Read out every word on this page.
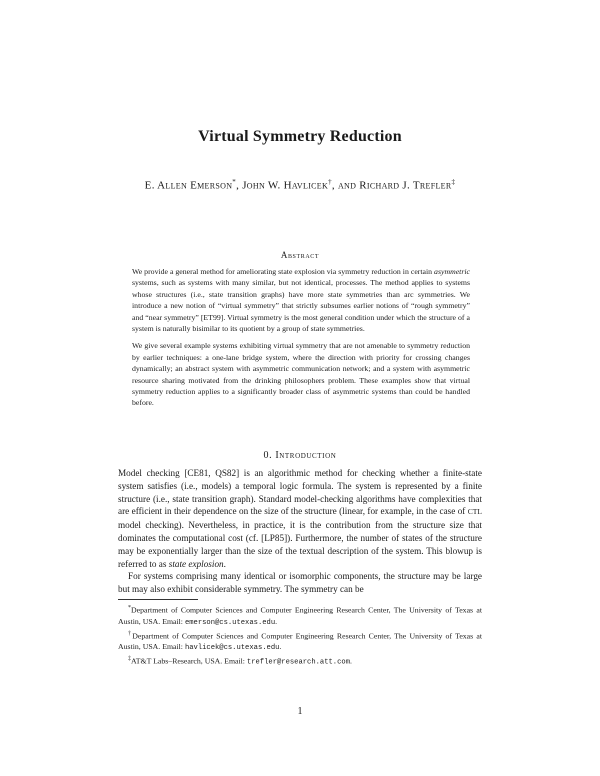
Virtual Symmetry Reduction
E. Allen Emerson*, John W. Havlicek†, and Richard J. Trefler‡
Abstract

We provide a general method for ameliorating state explosion via symmetry reduction in certain asymmetric systems, such as systems with many similar, but not identical, processes. The method applies to systems whose structures (i.e., state transition graphs) have more state symmetries than arc symmetries. We introduce a new notion of “virtual symmetry” that strictly subsumes earlier notions of “rough symmetry” and “near symmetry” [ET99]. Virtual symmetry is the most general condition under which the structure of a system is naturally bisimilar to its quotient by a group of state symmetries.

We give several example systems exhibiting virtual symmetry that are not amenable to symmetry reduction by earlier techniques: a one-lane bridge system, where the direction with priority for crossing changes dynamically; an abstract system with asymmetric communication network; and a system with asymmetric resource sharing motivated from the drinking philosophers problem. These examples show that virtual symmetry reduction applies to a significantly broader class of asymmetric systems than could be handled before.

0. Introduction

Model checking [CE81, QS82] is an algorithmic method for checking whether a finite-state system satisfies (i.e., models) a temporal logic formula. The system is represented by a finite structure (i.e., state transition graph). Standard model-checking algorithms have complexities that are efficient in their dependence on the size of the structure (linear, for example, in the case of CTL model checking). Nevertheless, in practice, it is the contribution from the structure size that dominates the computational cost (cf. [LP85]). Furthermore, the number of states of the structure may be exponentially larger than the size of the textual description of the system. This blowup is referred to as state explosion.

For systems comprising many identical or isomorphic components, the structure may be large but may also exhibit considerable symmetry. The symmetry can be

*Department of Computer Sciences and Computer Engineering Research Center, The University of Texas at Austin, USA. Email: emerson@cs.utexas.edu.

†Department of Computer Sciences and Computer Engineering Research Center, The University of Texas at Austin, USA. Email: havlicek@cs.utexas.edu.

‡AT&T Labs–Research, USA. Email: trefler@research.att.com.

1
